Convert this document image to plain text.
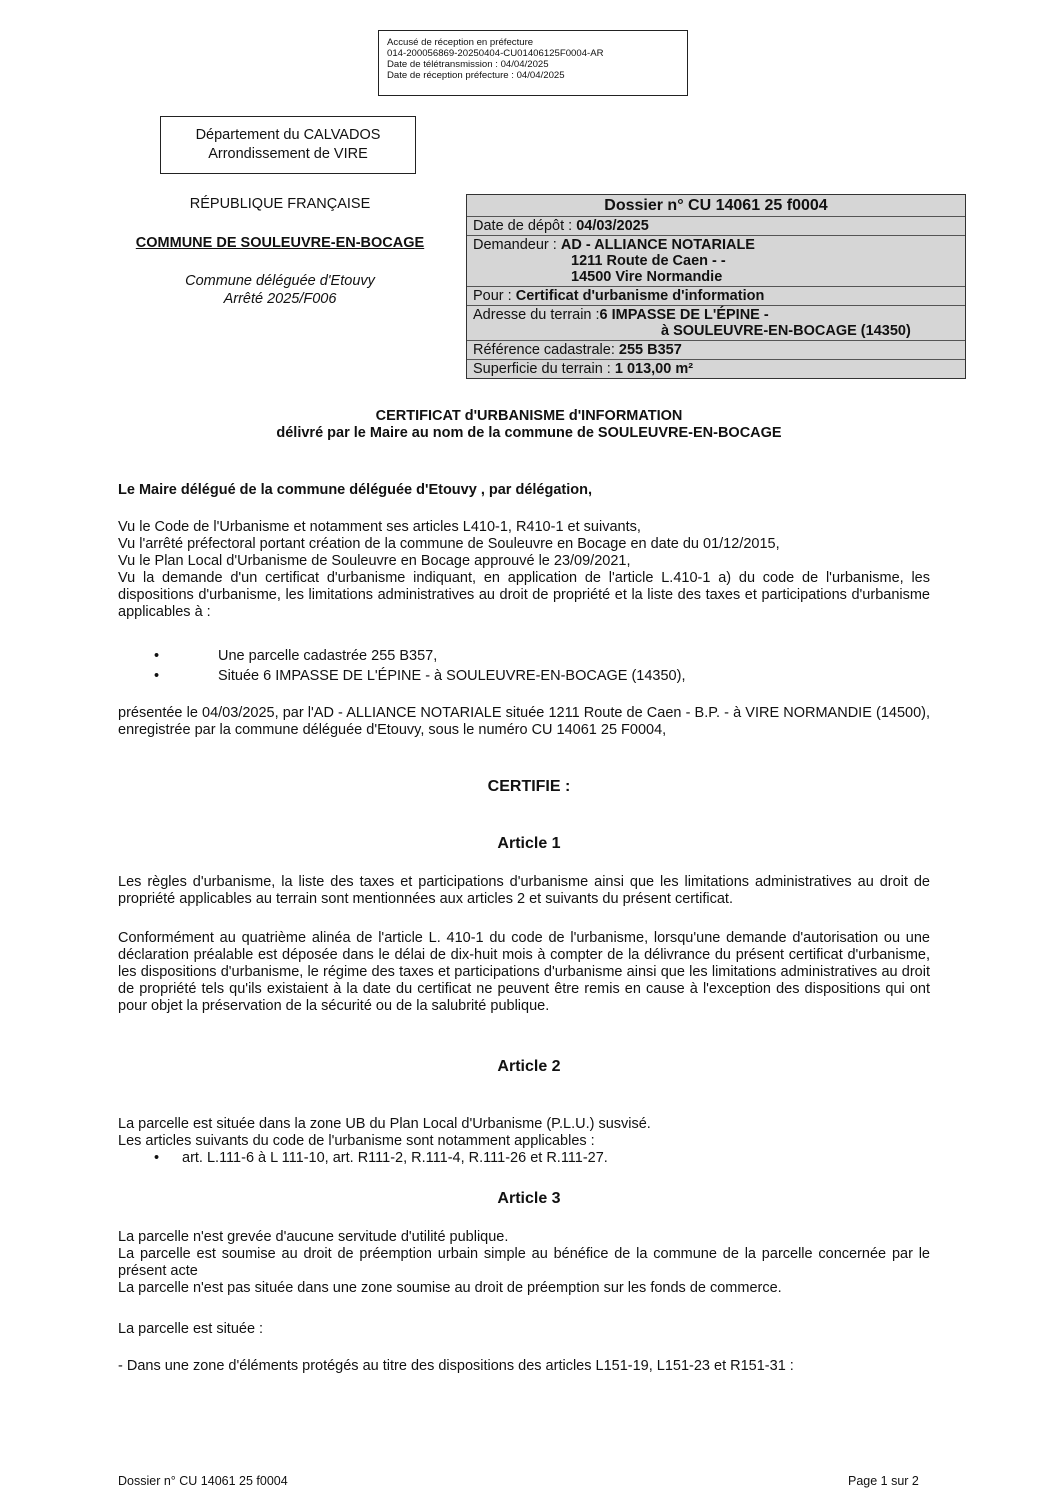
Accusé de réception en préfecture
014-200056869-20250404-CU01406125F0004-AR
Date de télétransmission : 04/04/2025
Date de réception préfecture : 04/04/2025
Département du CALVADOS
Arrondissement de VIRE
RÉPUBLIQUE FRANÇAISE
COMMUNE DE SOULEUVRE-EN-BOCAGE
Commune déléguée d'Etouvy
Arrêté 2025/F006
Dossier n° CU 14061 25 f0004
Date de dépôt : 04/03/2025
Demandeur : AD - ALLIANCE NOTARIALE
1211 Route de Caen - -
14500 Vire Normandie
Pour : Certificat d'urbanisme d'information
Adresse du terrain :6 IMPASSE DE L'ÉPINE -
à SOULEUVRE-EN-BOCAGE (14350)
Référence cadastrale: 255 B357
Superficie du terrain : 1 013,00 m²
CERTIFICAT d'URBANISME d'INFORMATION
délivré par le Maire au nom de la commune de SOULEUVRE-EN-BOCAGE
Le Maire délégué de la commune déléguée d'Etouvy , par délégation,

Vu le Code de l'Urbanisme et notamment ses articles L410-1, R410-1 et suivants,

Vu l'arrêté préfectoral portant création de la commune de Souleuvre en Bocage en date du 01/12/2015,

Vu le Plan Local d'Urbanisme de Souleuvre en Bocage approuvé le 23/09/2021,

Vu la demande d'un certificat d'urbanisme indiquant, en application de l'article L.410-1 a) du code de l'urbanisme, les dispositions d'urbanisme, les limitations administratives au droit de propriété et la liste des taxes et participations d'urbanisme applicables à :

•	Une parcelle cadastrée 255 B357,
•	Située 6 IMPASSE DE L'ÉPINE - à SOULEUVRE-EN-BOCAGE (14350),
présentée le 04/03/2025, par l'AD - ALLIANCE NOTARIALE située 1211 Route de Caen - B.P. - à VIRE NORMANDIE (14500), enregistrée par la commune déléguée d'Etouvy, sous le numéro CU 14061 25 F0004,
CERTIFIE :
Article 1
Les règles d'urbanisme, la liste des taxes et participations d'urbanisme ainsi que les limitations administratives au droit de propriété applicables au terrain sont mentionnées aux articles 2 et suivants du présent certificat.
Conformément au quatrième alinéa de l'article L. 410-1 du code de l'urbanisme, lorsqu'une demande d'autorisation ou une déclaration préalable est déposée dans le délai de dix-huit mois à compter de la délivrance du présent certificat d'urbanisme, les dispositions d'urbanisme, le régime des taxes et participations d'urbanisme ainsi que les limitations administratives au droit de propriété tels qu'ils existaient à la date du certificat ne peuvent être remis en cause à l'exception des dispositions qui ont pour objet la préservation de la sécurité ou de la salubrité publique.
Article 2

La parcelle est située dans la zone UB du Plan Local d'Urbanisme (P.L.U.) susvisé.

Les articles suivants du code de l'urbanisme sont notamment applicables :

• art. L.111-6 à L 111-10, art. R111-2, R.111-4, R.111-26 et R.111-27.
Article 3

La parcelle n'est grevée d'aucune servitude d'utilité publique.

La parcelle est soumise au droit de préemption urbain simple au bénéfice de la commune de la parcelle concernée par le présent acte

La parcelle n'est pas située dans une zone soumise au droit de préemption sur les fonds de commerce.

La parcelle est située :
- Dans une zone d'éléments protégés au titre des dispositions des articles L151-19, L151-23 et R151-31 :
Dossier n° CU 14061 25 f0004	Page 1 sur 2
